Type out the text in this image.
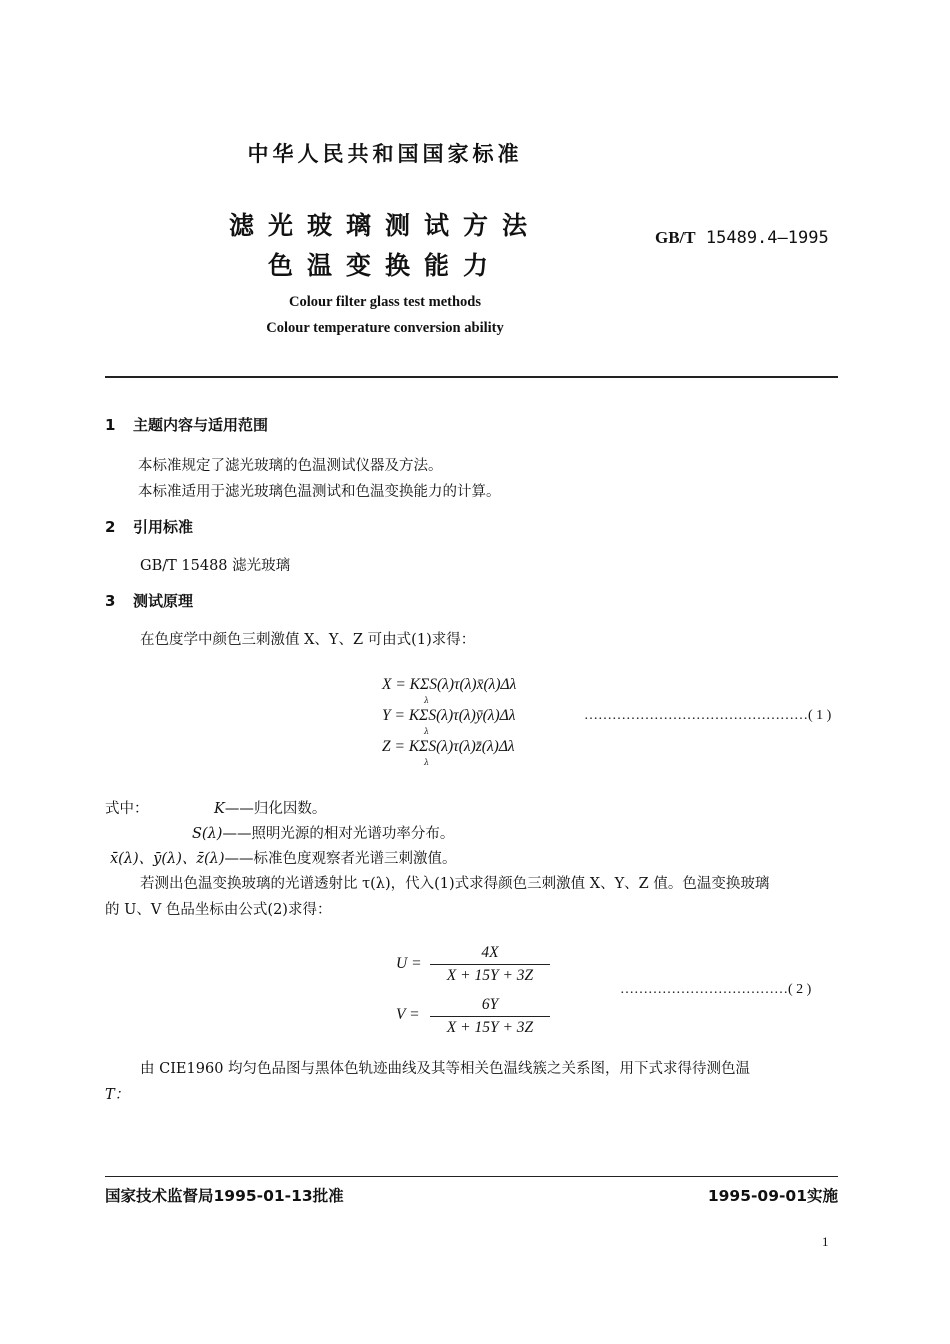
中华人民共和国国家标准
滤光玻璃测试方法
色温变换能力
GB/T 15489.4—1995
Colour filter glass test methods
Colour temperature conversion ability
1 主题内容与适用范围
本标准规定了滤光玻璃的色温测试仪器及方法。
本标准适用于滤光玻璃色温测试和色温变换能力的计算。
2 引用标准
GB/T 15488 滤光玻璃
3 测试原理
在色度学中颜色三刺激值 X、Y、Z 可由式(1)求得：
X = KΣS(λ)τ(λ)x̄(λ)Δλ
λ
Y = KΣS(λ)τ(λ)ȳ(λ)Δλ
λ
Z = KΣS(λ)τ(λ)z̄(λ)Δλ
λ
…………………………………………( 1 )
式中：	K——归化因数。
S(λ)——照明光源的相对光谱功率分布。
x̄(λ)、ȳ(λ)、z̄(λ)——标准色度观察者光谱三刺激值。
若测出色温变换玻璃的光谱透射比 τ(λ)，代入(1)式求得颜色三刺激值 X、Y、Z 值。色温变换玻璃
的 U、V 色品坐标由公式(2)求得：
U =
4X
X + 15Y + 3Z
V =
6Y
X + 15Y + 3Z
………………………………( 2 )
由 CIE1960 均匀色品图与黑体色轨迹曲线及其等相关色温线簇之关系图，用下式求得待测色温
T：
国家技术监督局1995-01-13批准	1995-09-01实施
1
